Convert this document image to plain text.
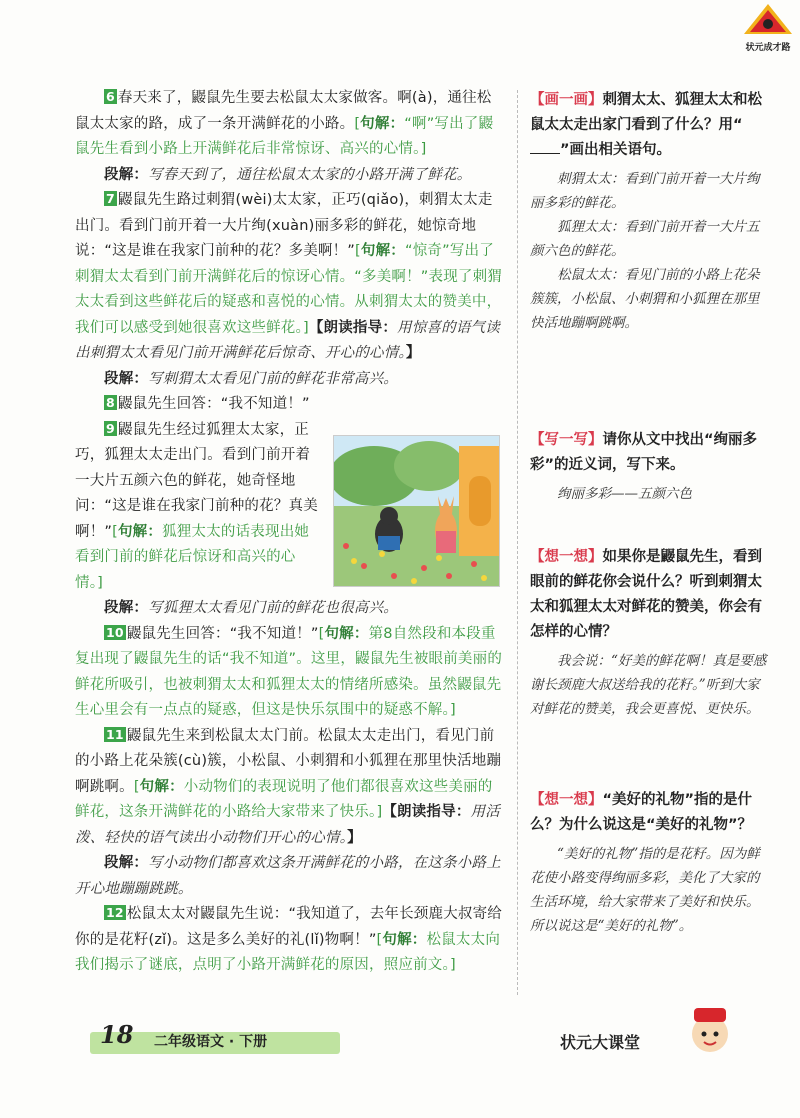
状元成才路

6 春天来了，鼹鼠先生要去松鼠太太家做客。啊(à)，通往松鼠太太家的路，成了一条开满鲜花的小路。[句解：“啊”写出了鼹鼠先生看到小路上开满鲜花后非常惊讶、高兴的心情。]

段解：写春天到了，通往松鼠太太家的小路开满了鲜花。

7 鼹鼠先生路过刺猬(wèi)太太家，正巧(qiǎo)，刺猬太太走出门。看到门前开着一大片绚(xuàn)丽多彩的鲜花，她惊奇地说：“这是谁在我家门前种的花？多美啊！”[句解：“惊奇”写出了刺猬太太看到门前开满鲜花后的惊讶心情。“多美啊！”表现了刺猬太太看到这些鲜花后的疑惑和喜悦的心情。从刺猬太太的赞美中，我们可以感受到她很喜欢这些鲜花。]【朗读指导：用惊喜的语气读出刺猬太太看见门前开满鲜花后惊奇、开心的心情。】

段解：写刺猬太太看见门前的鲜花非常高兴。

8 鼹鼠先生回答：“我不知道！”

9 鼹鼠先生经过狐狸太太家，正巧，狐狸太太走出门。看到门前开着一大片五颜六色的鲜花，她奇怪地问：“这是谁在我家门前种的花？真美啊！”[句解：狐狸太太的话表现出她看到门前的鲜花后惊讶和高兴的心情。]

段解：写狐狸太太看见门前的鲜花也很高兴。

10 鼹鼠先生回答：“我不知道！”[句解：第8自然段和本段重复出现了鼹鼠先生的话“我不知道”。这里，鼹鼠先生被眼前美丽的鲜花所吸引，也被刺猬太太和狐狸太太的情绪所感染。虽然鼹鼠先生心里会有一点点的疑惑，但这是快乐氛围中的疑惑不解。]

11 鼹鼠先生来到松鼠太太门前。松鼠太太走出门，看见门前的小路上花朵簇(cù)簇，小松鼠、小刺猬和小狐狸在那里快活地蹦啊跳啊。[句解：小动物们的表现说明了他们都很喜欢这些美丽的鲜花，这条开满鲜花的小路给大家带来了快乐。]【朗读指导：用活泼、轻快的语气读出小动物们开心的心情。】

段解：写小动物们都喜欢这条开满鲜花的小路，在这条小路上开心地蹦蹦跳跳。

12 松鼠太太对鼹鼠先生说：“我知道了，去年长颈鹿大叔寄给你的是花籽(zǐ)。这是多么美好的礼(lǐ)物啊！”[句解：松鼠太太向我们揭示了谜底，点明了小路开满鲜花的原因，照应前文。]

【画一画】刺猬太太、狐狸太太和松鼠太太走出家门看到了什么？用“”画出相关语句。

刺猬太太：看到门前开着一大片绚丽多彩的鲜花。

狐狸太太：看到门前开着一大片五颜六色的鲜花。

松鼠太太：看见门前的小路上花朵簇簇，小松鼠、小刺猬和小狐狸在那里快活地蹦啊跳啊。

【写一写】请你从文中找出“绚丽多彩”的近义词，写下来。

绚丽多彩——五颜六色

【想一想】如果你是鼹鼠先生，看到眼前的鲜花你会说什么？听到刺猬太太和狐狸太太对鲜花的赞美，你会有怎样的心情？

我会说：“好美的鲜花啊！真是要感谢长颈鹿大叔送给我的花籽。”听到大家对鲜花的赞美，我会更喜悦、更快乐。

【想一想】“美好的礼物”指的是什么？为什么说这是“美好的礼物”？

“美好的礼物”指的是花籽。因为鲜花使小路变得绚丽多彩，美化了大家的生活环境，给大家带来了美好和快乐。所以说这是“美好的礼物”。

18 二年级语文 · 下册	状元大课堂
